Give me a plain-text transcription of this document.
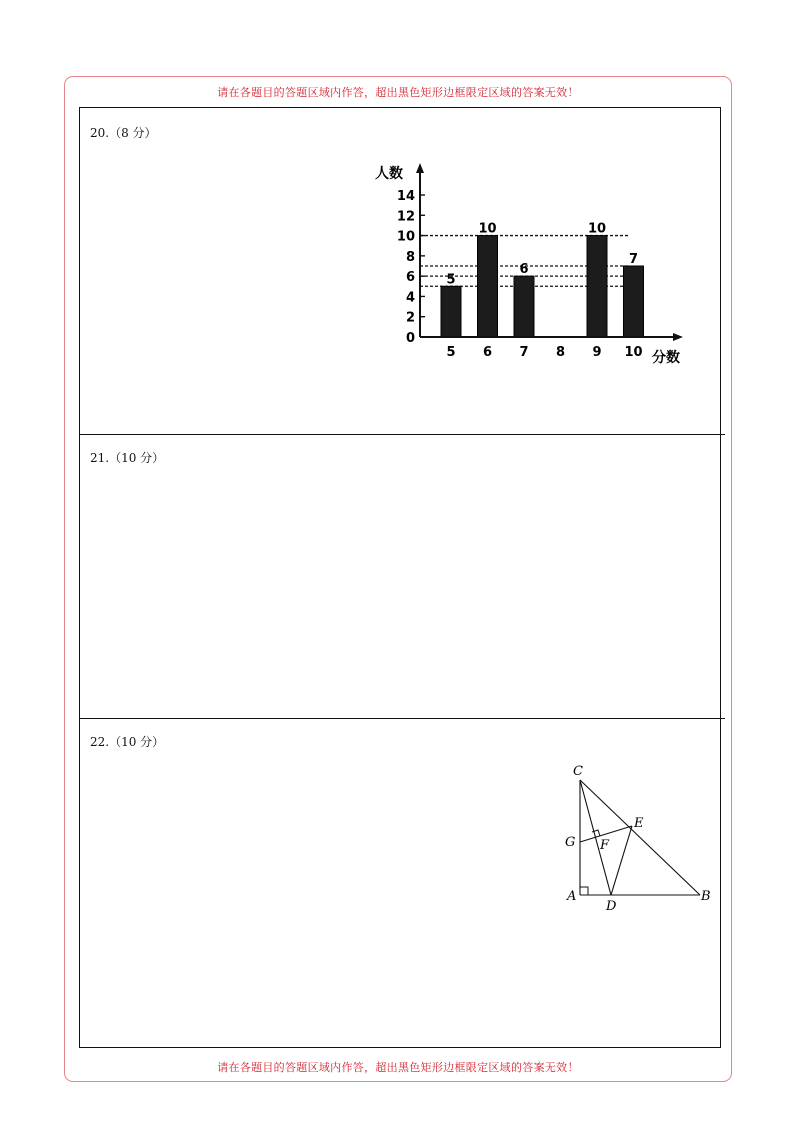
请在各题目的答题区域内作答，超出黑色矩形边框限定区域的答案无效！
请在各题目的答题区域内作答，超出黑色矩形边框限定区域的答案无效！
20.（8 分）
21.（10 分）
22.（10 分）
5 6 7 8 9 10
0
2
4
6
8
10
12
14
5
10
6
10
7
人数
分数
C
E
G F
A
D
B
